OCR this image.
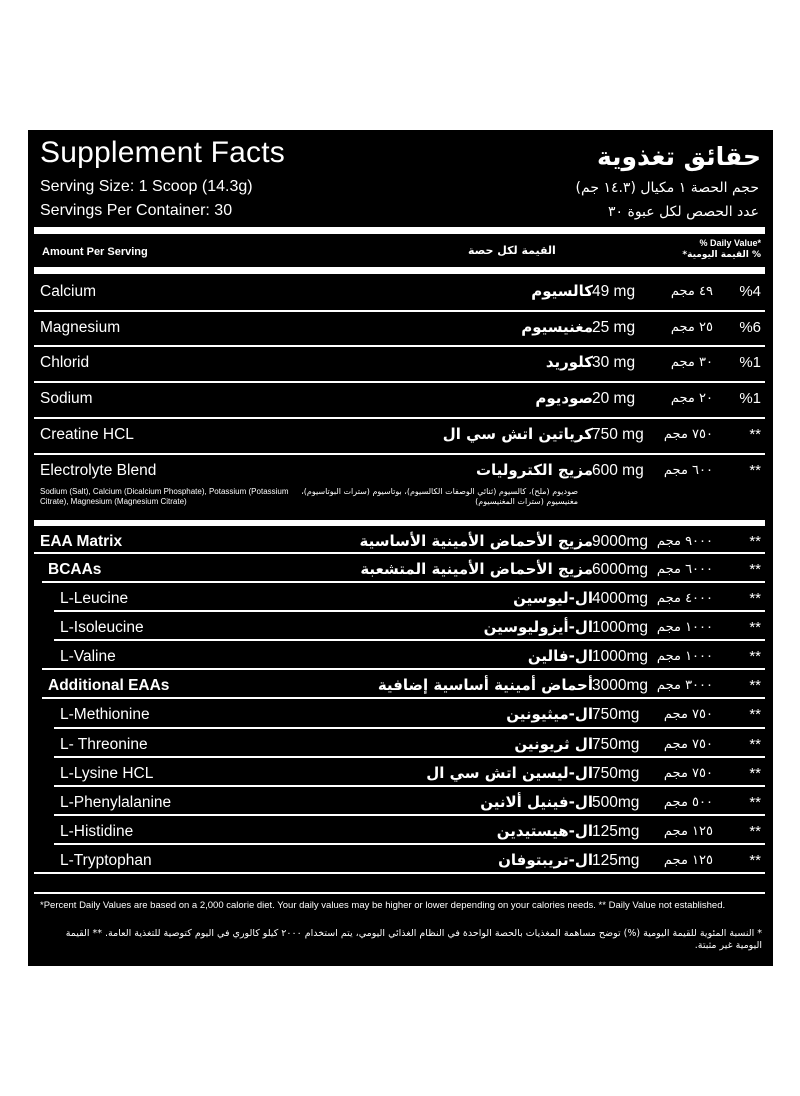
Supplement Facts	حقائق تغذوية
Serving Size: 1 Scoop (14.3g)	حجم الحصة ١ مكيال (١٤.٣ جم)
Servings Per Container: 30	عدد الحصص لكل عبوة ٣٠
Amount Per Serving	القيمة لكل حصة
% Daily Value*
*القيمة اليومية %
Calcium	كالسيوم 49 mg	٤٩ مجم %4
Magnesium	مغنيسيوم 25 mg	٢٥ مجم %6
Chlorid	كلوريد 30 mg	٣٠ مجم %1
Sodium	صوديوم 20 mg	٢٠ مجم %1
Creatine HCL	كرياتين اتش سي ال 750 mg ٧٥٠ مجم **
Electrolyte Blend	مزيج الكتروليات 600 mg ٦٠٠ مجم **
Sodium (Salt), Calcium (Dicalcium Phosphate), Potassium (Potassium Citrate), Magnesium (Magnesium Citrate)
صوديوم (ملح)، كالسيوم (ثنائي الوصفات الكالسيوم)، بوتاسيوم (سترات البوتاسيوم)، مغنيسيوم (سترات المغنيسيوم)
EAA Matrix	مزيج الأحماض الأمينية الأساسية 9000mg ٩٠٠٠ مجم **
BCAAs	مزيج الأحماض الأمينية المتشعبة 6000mg ٦٠٠٠ مجم **
L-Leucine	ال-ليوسين 4000mg ٤٠٠٠ مجم **
L-Isoleucine	ال-أيزوليوسين 1000mg ١٠٠٠ مجم **
L-Valine	ال-فالين 1000mg ١٠٠٠ مجم **
Additional EAAs	أحماض أمينية أساسية إضافية 3000mg ٣٠٠٠ مجم **
L-Methionine	ال-ميثيونين 750mg ٧٥٠ مجم **
L- Threonine	ال ثريونين 750mg ٧٥٠ مجم **
L-Lysine HCL	ال-ليسين اتش سي ال 750mg ٧٥٠ مجم **
L-Phenylalanine	ال-فينيل ألانين 500mg ٥٠٠ مجم **
L-Histidine	ال-هيستيدين 125mg ١٢٥ مجم **
L-Tryptophan	ال-تريبتوفان 125mg ١٢٥ مجم **
*Percent Daily Values are based on a 2,000 calorie diet. Your daily values may be higher or lower depending on your calories needs. ** Daily Value not established.
* النسبة المئوية للقيمة اليومية (%) توضح مساهمة المغذيات بالحصة الواحدة في النظام الغذائي اليومي، يتم استخدام ٢٠٠٠ كيلو كالوري في اليوم كتوصية للتغذية العامة. ** القيمة اليومية غير مثبتة.
